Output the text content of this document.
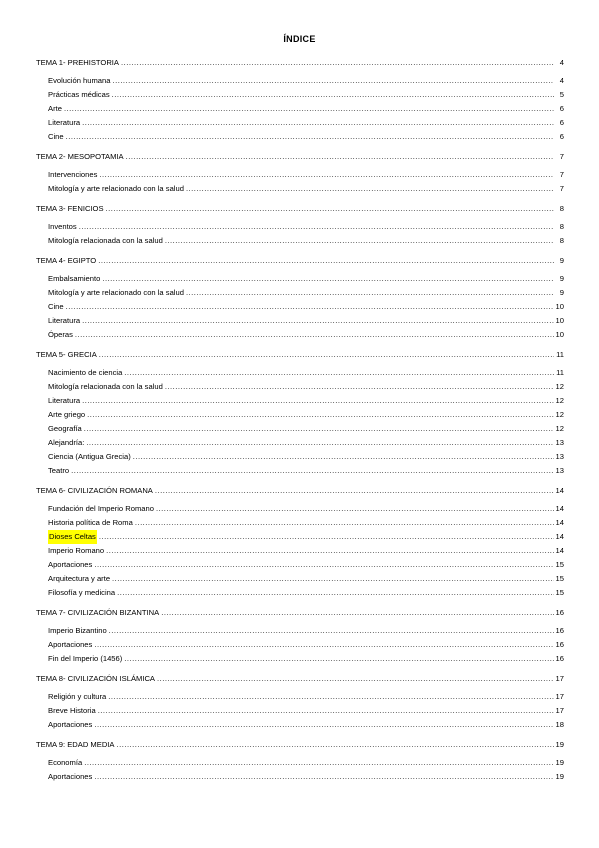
ÍNDICE
TEMA 1- PREHISTORIA .....	4
Evolución humana .....	4
Prácticas médicas .....	5
Arte .....	6
Literatura .....	6
Cine .....	6
TEMA 2- MESOPOTAMIA .....	7
Intervenciones .....	7
Mitología y arte relacionado con la salud .....	7
TEMA 3- FENICIOS .....	8
Inventos .....	8
Mitología relacionada con la salud .....	8
TEMA 4- EGIPTO .....	9
Embalsamiento .....	9
Mitología y arte relacionado con la salud .....	9
Cine .....	10
Literatura .....	10
Óperas .....	10
TEMA 5- GRECIA .....	11
Nacimiento de ciencia .....	11
Mitología relacionada con la salud .....	12
Literatura .....	12
Arte griego .....	12
Geografía .....	12
Alejandría: .....	13
Ciencia (Antigua Grecia) .....	13
Teatro .....	13
TEMA 6- CIVILIZACIÓN ROMANA .....	14
Fundación del Imperio Romano .....	14
Historia política de Roma .....	14
Dioses Celtas .....	14
Imperio Romano .....	14
Aportaciones .....	15
Arquitectura y arte .....	15
Filosofía y medicina .....	15
TEMA 7- CIVILIZACIÓN BIZANTINA .....	16
Imperio Bizantino .....	16
Aportaciones .....	16
Fin del Imperio (1456) .....	16
TEMA 8- CIVILIZACIÓN ISLÁMICA .....	17
Religión y cultura .....	17
Breve Historia .....	17
Aportaciones .....	18
TEMA 9: EDAD MEDIA .....	19
Economía .....	19
Aportaciones .....	19
